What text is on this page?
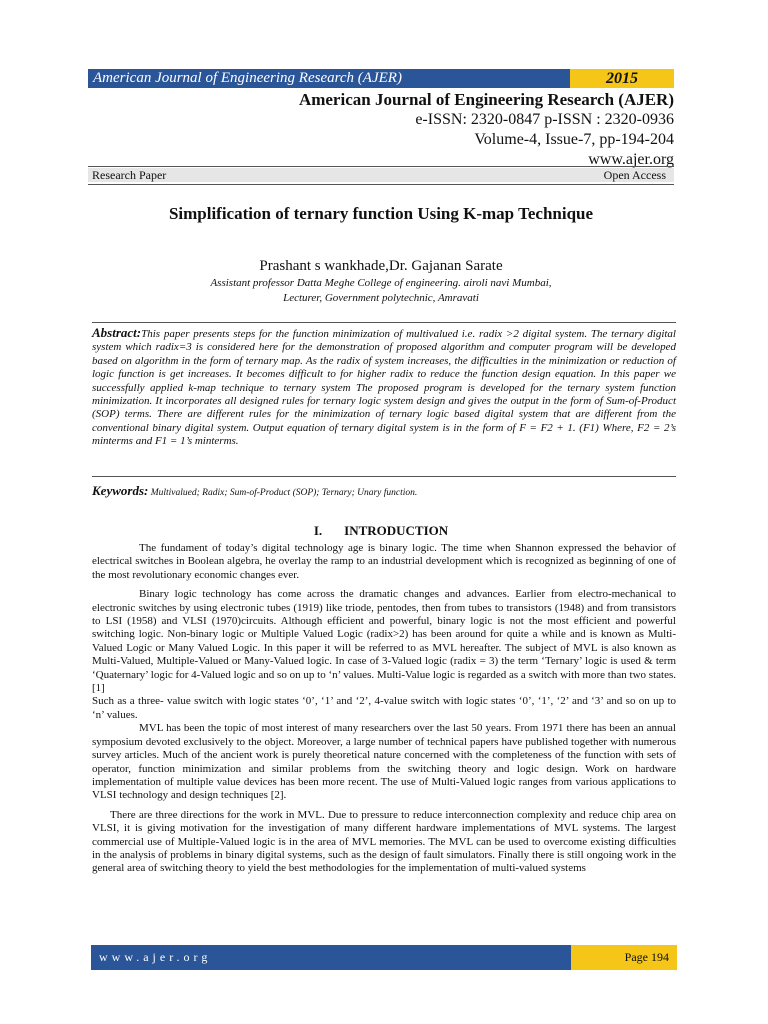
American Journal of Engineering Research (AJER)	2015
American Journal of Engineering Research (AJER)
e-ISSN: 2320-0847 p-ISSN : 2320-0936
Volume-4, Issue-7, pp-194-204
www.ajer.org
Research Paper	Open Access
Simplification of ternary function Using K-map Technique
Prashant s wankhade,Dr. Gajanan Sarate
Assistant professor Datta Meghe College of engineering. airoli navi Mumbai,
Lecturer, Government polytechnic, Amravati
Abstract:This paper presents steps for the function minimization of multivalued i.e. radix >2 digital system. The ternary digital system which radix=3 is considered here for the demonstration of proposed algorithm and computer program will be developed based on algorithm in the form of ternary map. As the radix of system increases, the difficulties in the minimization or reduction of logic function is get increases. It becomes difficult to for higher radix to reduce the function design equation. In this paper we successfully applied k-map technique to ternary system The proposed program is developed for the ternary system function minimization. It incorporates all designed rules for ternary logic system design and gives the output in the form of Sum-of-Product (SOP) terms. There are different rules for the minimization of ternary logic based digital system that are different from the conventional binary digital system. Output equation of ternary digital system is in the form of F = F2 + 1. (F1) Where, F2 = 2’s minterms and F1 = 1’s minterms.
Keywords: Multivalued; Radix; Sum-of-Product (SOP); Ternary; Unary function.
I. INTRODUCTION

The fundament of today’s digital technology age is binary logic. The time when Shannon expressed the behavior of electrical switches in Boolean algebra, he overlay the ramp to an industrial development which is recognized as beginning of one of the most revolutionary economic changes ever.

Binary logic technology has come across the dramatic changes and advances. Earlier from electro-mechanical to electronic switches by using electronic tubes (1919) like triode, pentodes, then from tubes to transistors (1948) and from transistors to LSI (1958) and VLSI (1970)circuits. Although efficient and powerful, binary logic is not the most efficient and powerful switching logic. Non-binary logic or Multiple Valued Logic (radix>2) has been around for quite a while and is known as Multi-Valued Logic or Many Valued Logic. In this paper it will be referred to as MVL hereafter. The subject of MVL is also known as Multi-Valued, Multiple-Valued or Many-Valued logic. In case of 3-Valued logic (radix = 3) the term ‘Ternary’ logic is used & term ‘Quaternary’ logic for 4-Valued logic and so on up to ‘n’ values. Multi-Value logic is regarded as a switch with more than two states. [1]

Such as a three- value switch with logic states ‘0’, ‘1’ and ‘2’, 4-value switch with logic states ‘0’, ‘1’, ‘2’ and ‘3’ and so on up to ‘n’ values.

MVL has been the topic of most interest of many researchers over the last 50 years. From 1971 there has been an annual symposium devoted exclusively to the object. Moreover, a large number of technical papers have published together with numerous survey articles. Much of the ancient work is purely theoretical nature concerned with the completeness of the function with sets of operator, function minimization and similar problems from the switching theory and logic design. Work on hardware implementation of multiple value devices has been more recent. The use of Multi-Valued logic ranges from various applications to VLSI technology and design techniques [2].

There are three directions for the work in MVL. Due to pressure to reduce interconnection complexity and reduce chip area on VLSI, it is giving motivation for the investigation of many different hardware implementations of MVL systems. The largest commercial use of Multiple-Valued logic is in the area of MVL memories. The MVL can be used to overcome existing difficulties in the analysis of problems in binary digital systems, such as the design of fault simulators. Finally there is still ongoing work in the general area of switching theory to yield the best methodologies for the implementation of multi-valued systems

www.ajer.org	Page 194
